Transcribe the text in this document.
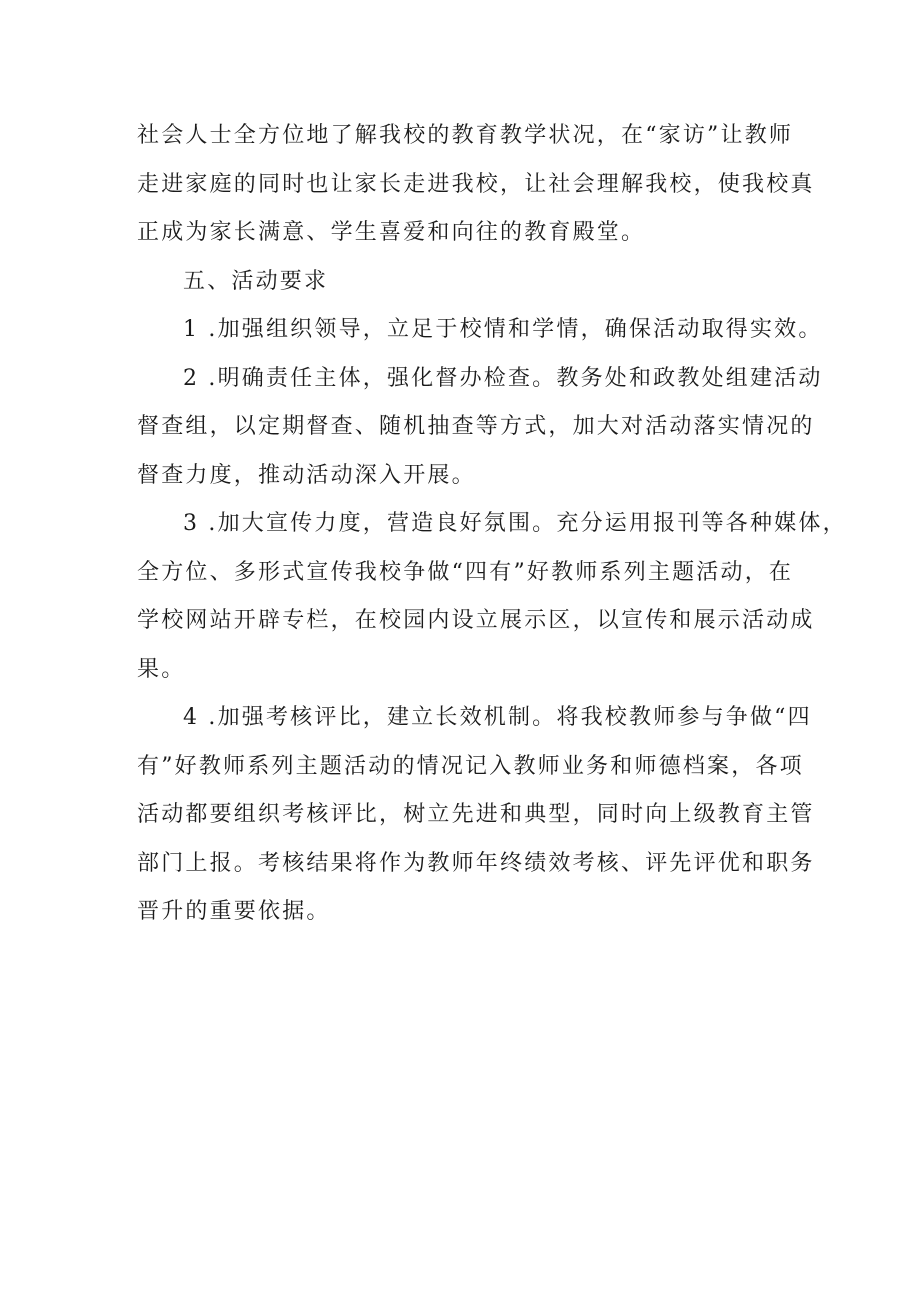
社会人士全方位地了解我校的教育教学状况，在“家访”让教师
走进家庭的同时也让家长走进我校，让社会理解我校，使我校真
正成为家长满意、学生喜爱和向往的教育殿堂。
五、活动要求
1 .加强组织领导，立足于校情和学情，确保活动取得实效。
2 .明确责任主体，强化督办检查。教务处和政教处组建活动
督查组，以定期督查、随机抽查等方式，加大对活动落实情况的
督查力度，推动活动深入开展。
3 .加大宣传力度，营造良好氛围。充分运用报刊等各种媒体，
全方位、多形式宣传我校争做“四有”好教师系列主题活动，在
学校网站开辟专栏，在校园内设立展示区，以宣传和展示活动成
果。
4 .加强考核评比，建立长效机制。将我校教师参与争做“四
有”好教师系列主题活动的情况记入教师业务和师德档案，各项
活动都要组织考核评比，树立先进和典型，同时向上级教育主管
部门上报。考核结果将作为教师年终绩效考核、评先评优和职务
晋升的重要依据。
